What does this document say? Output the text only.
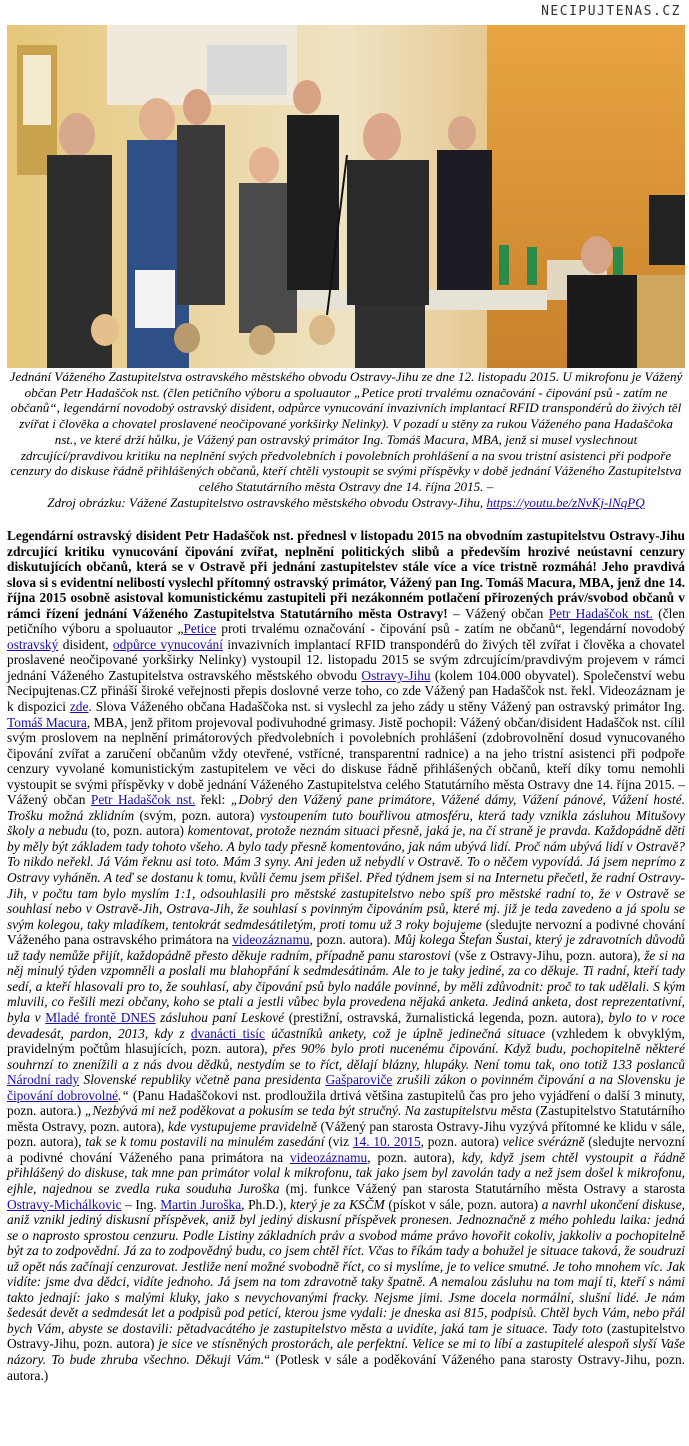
NECIPUJTENAS.CZ
Jednání Váženého Zastupitelstva ostravského městského obvodu Ostravy-Jihu ze dne 12. listopadu 2015. U mikrofonu je Vážený občan Petr Hadaščok nst. (člen petičního výboru a spoluautor „Petice proti trvalému označování - čipování psů - zatím ne občanů“, legendární novodobý ostravský disident, odpůrce vynucování invazivních implantací RFID transpondérů do živých těl zvířat i člověka a chovatel proslavené neočipované yorkširky Nelinky). V pozadí u stěny za rukou Váženého pana Hadaščoka nst., ve které drží hůlku, je Vážený pan ostravský primátor Ing. Tomáš Macura, MBA, jenž si musel vyslechnout zdrcující/pravdivou kritiku na neplnění svých předvolebních i povolebních prohlášení a na svou tristní asistenci při podpoře cenzury do diskuse řádně přihlášených občanů, kteří chtěli vystoupit se svými příspěvky v době jednání Váženého Zastupitelstva celého Statutárního města Ostravy dne 14. října 2015. –
Zdroj obrázku: Vážené Zastupitelstvo ostravského městského obvodu Ostravy-Jihu, https://youtu.be/zNvKj-lNqPQ

Legendární ostravský disident Petr Hadaščok nst. přednesl v listopadu 2015 na obvodním zastupitelstvu Ostravy-Jihu zdrcující kritiku vynucování čipování zvířat, neplnění politických slibů a především hrozivé neústavní cenzury diskutujících občanů, která se v Ostravě při jednání zastupitelstev stále více a více tristně rozmáhá! Jeho pravdivá slova si s evidentní nelibostí vyslechl přítomný ostravský primátor, Vážený pan Ing. Tomáš Macura, MBA, jenž dne 14. října 2015 osobně asistoval komunistickému zastupiteli při nezákonném potlačení přirozených práv/svobod občanů v rámci řízení jednání Váženého Zastupitelstva Statutárního města Ostravy! – Vážený občan Petr Hadaščok nst. (člen petičního výboru a spoluautor „Petice proti trvalému označování - čipování psů - zatím ne občanů“, legendární novodobý ostravský disident, odpůrce vynucování invazivních implantací RFID transpondérů do živých těl zvířat i člověka a chovatel proslavené neočipované yorkširky Nelinky) vystoupil 12. listopadu 2015 se svým zdrcujícím/pravdivým projevem v rámci jednání Váženého Zastupitelstva ostravského městského obvodu Ostravy-Jihu (kolem 104.000 obyvatel). Společenství webu Necipujtenas.CZ přináší široké veřejnosti přepis doslovné verze toho, co zde Vážený pan Hadaščok nst. řekl. Videozáznam je k dispozici zde. Slova Váženého občana Hadaščoka nst. si vyslechl za jeho zády u stěny Vážený pan ostravský primátor Ing. Tomáš Macura, MBA, jenž přitom projevoval podivuhodné grimasy. Jistě pochopil: Vážený občan/disident Hadaščok nst. cílil svým proslovem na neplnění primátorových předvolebních i povolebních prohlášení (zdobrovolnění dosud vynucovaného čipování zvířat a zaručení občanům vždy otevřené, vstřícné, transparentní radnice) a na jeho tristní asistenci při podpoře cenzury vyvolané komunistickým zastupitelem ve věci do diskuse řádně přihlášených občanů, kteří díky tomu nemohli vystoupit se svými příspěvky v době jednání Váženého Zastupitelstva celého Statutárního města Ostravy dne 14. října 2015. – Vážený občan Petr Hadaščok nst. řekl: „Dobrý den Vážený pane primátore, Vážené dámy, Vážení pánové, Vážení hosté. Trošku možná zklidním (svým, pozn. autora) vystoupením tuto bouřlivou atmosféru, která tady vznikla zásluhou Mitušovy školy a nebudu (to, pozn. autora) komentovat, protože neznám situaci přesně, jaká je, na čí straně je pravda. Každopádně děti by měly být základem tady tohoto všeho. A bylo tady přesně komentováno, jak nám ubývá lidí. Proč nám ubývá lidí v Ostravě? To nikdo neřekl. Já Vám řeknu asi toto. Mám 3 syny. Ani jeden už nebydlí v Ostravě. To o něčem vypovídá. Já jsem neprímo z Ostravy vyháněn. A teď se dostanu k tomu, kvůli čemu jsem přišel. Před týdnem jsem si na Internetu přečetl, že radní Ostravy-Jih, v počtu tam bylo myslím 1:1, odsouhlasili pro městské zastupitelstvo nebo spíš pro městské radní to, že v Ostravě se souhlasí nebo v Ostravě-Jih, Ostrava-Jih, že souhlasí s povinným čipováním psů, které mj. již je teda zavedeno a já spolu se svým kolegou, taky mladíkem, tentokrát sedmdesátiletým, proti tomu už 3 roky bojujeme (sledujte nervozní a podivné chování Váženého pana ostravského primátora na videozáznamu, pozn. autora). Můj kolega Štefan Šustai, který je zdravotních důvodů už tady nemůže přijít, každopádně přesto děkuje radním, případně panu starostovi (vše z Ostravy-Jihu, pozn. autora), že si na něj minulý týden vzpomněli a poslali mu blahopřání k sedmdesátinám. Ale to je taky jediné, za co děkuje. Ti radní, kteří tady sedí, a kteří hlasovali pro to, že souhlasí, aby čipování psů bylo nadále povinné, by měli zdůvodnit: proč to tak udělali. S kým mluvili, co řešili mezi občany, koho se ptali a jestli vůbec byla provedena nějaká anketa. Jediná anketa, dost reprezentativní, byla v Mladé frontě DNES zásluhou paní Leskové (prestižní, ostravská, žurnalistická legenda, pozn. autora), bylo to v roce devadesát, pardon, 2013, kdy z dvanácti tisíc účastníků ankety, což je úplně jedinečná situace (vzhledem k obvyklým, pravidelným počtům hlasujících, pozn. autora), přes 90% bylo proti nucenému čipování. Když budu, pochopitelně některé souhrnzí to znenížili a z nás dvou dědků, nestydím se to říct, dělají blázny, hlupáky. Není tomu tak, ono totiž 133 poslanců Národní rady Slovenské republiky včetně pana presidenta Gašparoviče zrušili zákon o povinném čipování a na Slovensku je čipování dobrovolné.“ (Panu Hadaščokovi nst. prodloužila drtivá většina zastupitelů čas pro jeho vyjádření o další 3 minuty, pozn. autora.) „Nezbývá mi než poděkovat a pokusím se teda být stručný. Na zastupitelstvu města (Zastupitelstvo Statutárního města Ostravy, pozn. autora), kde vystupujeme pravidelně (Vážený pan starosta Ostravy-Jihu vyzývá přítomné ke klidu v sále, pozn. autora), tak se k tomu postavili na minulém zasedání (viz 14. 10. 2015, pozn. autora) velice svérázně (sledujte nervozní a podivné chování Váženého pana primátora na videozáznamu, pozn. autora), kdy, když jsem chtěl vystoupit a řádně přihlášený do diskuse, tak mne pan primátor volal k mikrofonu, tak jako jsem byl zavolán tady a než jsem došel k mikrofonu, ejhle, najednou se zvedla ruka souduha Juroška (mj. funkce Vážený pan starosta Statutárního města Ostravy a starosta Ostravy-Michálkovic – Ing. Martin Juroška, Ph.D.), který je za KSČM (pískot v sále, pozn. autora) a navrhl ukončení diskuse, aniž vznikl jediný diskusní příspěvek, aniž byl jediný diskusní příspěvek pronesen. Jednoznačně z mého pohledu laika: jedná se o naprosto sprostou cenzuru. Podle Listiny základních práv a svobod máme právo hovořit cokoliv, jakkoliv a pochopitelně být za to zodpovědní. Já za to zodpovědný budu, co jsem chtěl říct. Včas to říkám tady a bohužel je situace taková, že soudruzi už opět nás začínají cenzurovat. Jestliže není možné svobodně říct, co si myslíme, je to velice smutné. Je toho mnohem víc. Jak vidíte: jsme dva dědci, vidíte jednoho. Já jsem na tom zdravotně taky špatně. A nemalou zásluhu na tom mají ti, kteří s námi takto jednají: jako s malými kluky, jako s nevychovanými fracky. Nejsme jimi. Jsme docela normální, slušní lidé. Je nám šedesát devět a sedmdesát let a podpisů pod peticí, kterou jsme vydali: je dneska asi 815, podpisů. Chtěl bych Vám, nebo přál bych Vám, abyste se dostavili: pětadvacátého je zastupitelstvo města a uvidíte, jaká tam je situace. Tady toto (zastupitelstvo Ostravy-Jihu, pozn. autora) je sice ve stísněných prostorách, ale perfektní. Velice se mi to líbí a zastupitelé alespoň slyší Vaše názory. To bude zhruba všechno. Děkuji Vám.“ (Potlesk v sále a poděkování Váženého pana starosty Ostravy-Jihu, pozn. autora.)
